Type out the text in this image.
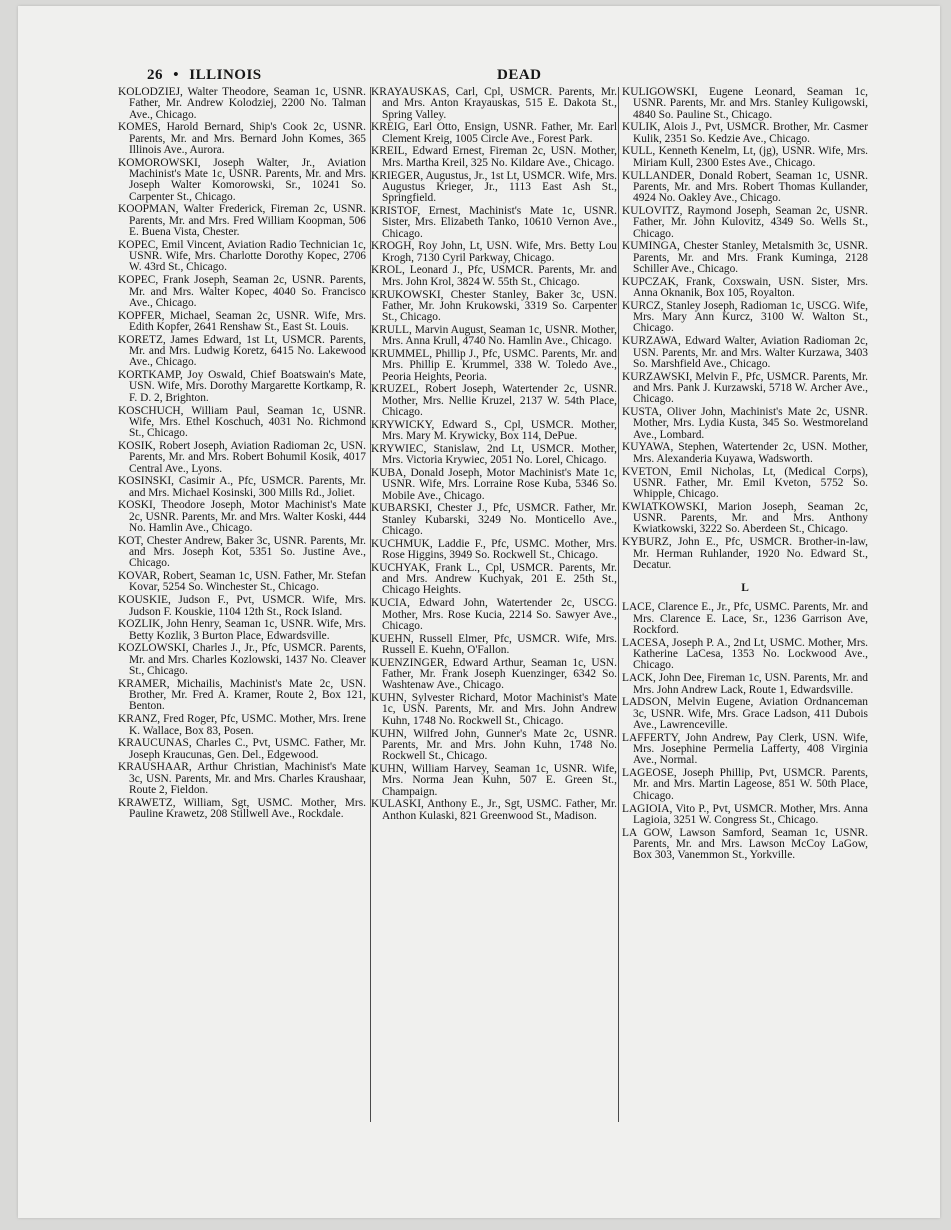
26 • ILLINOIS	DEAD
KOLODZIEJ, Walter Theodore, Seaman 1c, USNR. Father, Mr. Andrew Kolodziej, 2200 No. Talman Ave., Chicago.
KOMES, Harold Bernard, Ship's Cook 2c, USNR. Parents, Mr. and Mrs. Bernard John Komes, 365 Illinois Ave., Aurora.
KOMOROWSKI, Joseph Walter, Jr., Aviation Machinist's Mate 1c, USNR. Parents, Mr. and Mrs. Joseph Walter Komorowski, Sr., 10241 So. Carpenter St., Chicago.
KOOPMAN, Walter Frederick, Fireman 2c, USNR. Parents, Mr. and Mrs. Fred William Koopman, 506 E. Buena Vista, Chester.
KOPEC, Emil Vincent, Aviation Radio Technician 1c, USNR. Wife, Mrs. Charlotte Dorothy Kopec, 2706 W. 43rd St., Chicago.
KOPEC, Frank Joseph, Seaman 2c, USNR. Parents, Mr. and Mrs. Walter Kopec, 4040 So. Francisco Ave., Chicago.
KOPFER, Michael, Seaman 2c, USNR. Wife, Mrs. Edith Kopfer, 2641 Renshaw St., East St. Louis.
KORETZ, James Edward, 1st Lt, USMCR. Parents, Mr. and Mrs. Ludwig Koretz, 6415 No. Lakewood Ave., Chicago.
KORTKAMP, Joy Oswald, Chief Boatswain's Mate, USN. Wife, Mrs. Dorothy Margarette Kortkamp, R. F. D. 2, Brighton.
KOSCHUCH, William Paul, Seaman 1c, USNR. Wife, Mrs. Ethel Koschuch, 4031 No. Richmond St., Chicago.
KOSIK, Robert Joseph, Aviation Radioman 2c, USN. Parents, Mr. and Mrs. Robert Bohumil Kosik, 4017 Central Ave., Lyons.
KOSINSKI, Casimir A., Pfc, USMCR. Parents, Mr. and Mrs. Michael Kosinski, 300 Mills Rd., Joliet.
KOSKI, Theodore Joseph, Motor Machinist's Mate 2c, USNR. Parents, Mr. and Mrs. Walter Koski, 444 No. Hamlin Ave., Chicago.
KOT, Chester Andrew, Baker 3c, USNR. Parents, Mr. and Mrs. Joseph Kot, 5351 So. Justine Ave., Chicago.
KOVAR, Robert, Seaman 1c, USN. Father, Mr. Stefan Kovar, 5254 So. Winchester St., Chicago.
KOUSKIE, Judson F., Pvt, USMCR. Wife, Mrs. Judson F. Kouskie, 1104 12th St., Rock Island.
KOZLIK, John Henry, Seaman 1c, USNR. Wife, Mrs. Betty Kozlik, 3 Burton Place, Edwardsville.
KOZLOWSKI, Charles J., Jr., Pfc, USMCR. Parents, Mr. and Mrs. Charles Kozlowski, 1437 No. Cleaver St., Chicago.
KRAMER, Michailis, Machinist's Mate 2c, USN. Brother, Mr. Fred A. Kramer, Route 2, Box 121, Benton.
KRANZ, Fred Roger, Pfc, USMC. Mother, Mrs. Irene K. Wallace, Box 83, Posen.
KRAUCUNAS, Charles C., Pvt, USMC. Father, Mr. Joseph Kraucunas, Gen. Del., Edgewood.
KRAUSHAAR, Arthur Christian, Machinist's Mate 3c, USN. Parents, Mr. and Mrs. Charles Kraushaar, Route 2, Fieldon.
KRAWETZ, William, Sgt, USMC. Mother, Mrs. Pauline Krawetz, 208 Stillwell Ave., Rockdale.
KRAYAUSKAS, Carl, Cpl, USMCR. Parents, Mr. and Mrs. Anton Krayauskas, 515 E. Dakota St., Spring Valley.
KREIG, Earl Otto, Ensign, USNR. Father, Mr. Earl Clement Kreig, 1005 Circle Ave., Forest Park.
KREIL, Edward Ernest, Fireman 2c, USN. Mother, Mrs. Martha Kreil, 325 No. Kildare Ave., Chicago.
KRIEGER, Augustus, Jr., 1st Lt, USMCR. Wife, Mrs. Augustus Krieger, Jr., 1113 East Ash St., Springfield.
KRISTOF, Ernest, Machinist's Mate 1c, USNR. Sister, Mrs. Elizabeth Tanko, 10610 Vernon Ave., Chicago.
KROGH, Roy John, Lt, USN. Wife, Mrs. Betty Lou Krogh, 7130 Cyril Parkway, Chicago.
KROL, Leonard J., Pfc, USMCR. Parents, Mr. and Mrs. John Krol, 3824 W. 55th St., Chicago.
KRUKOWSKI, Chester Stanley, Baker 3c, USN. Father, Mr. John Krukowski, 3319 So. Carpenter St., Chicago.
KRULL, Marvin August, Seaman 1c, USNR. Mother, Mrs. Anna Krull, 4740 No. Hamlin Ave., Chicago.
KRUMMEL, Phillip J., Pfc, USMC. Parents, Mr. and Mrs. Phillip E. Krummel, 338 W. Toledo Ave., Peoria Heights, Peoria.
KRUZEL, Robert Joseph, Watertender 2c, USNR. Mother, Mrs. Nellie Kruzel, 2137 W. 54th Place, Chicago.
KRYWICKY, Edward S., Cpl, USMCR. Mother, Mrs. Mary M. Krywicky, Box 114, DePue.
KRYWIEC, Stanislaw, 2nd Lt, USMCR. Mother, Mrs. Victoria Krywiec, 2051 No. Lorel, Chicago.
KUBA, Donald Joseph, Motor Machinist's Mate 1c, USNR. Wife, Mrs. Lorraine Rose Kuba, 5346 So. Mobile Ave., Chicago.
KUBARSKI, Chester J., Pfc, USMCR. Father, Mr. Stanley Kubarski, 3249 No. Monticello Ave., Chicago.
KUCHMUK, Laddie F., Pfc, USMC. Mother, Mrs. Rose Higgins, 3949 So. Rockwell St., Chicago.
KUCHYAK, Frank L., Cpl, USMCR. Parents, Mr. and Mrs. Andrew Kuchyak, 201 E. 25th St., Chicago Heights.
KUCIA, Edward John, Watertender 2c, USCG. Mother, Mrs. Rose Kucia, 2214 So. Sawyer Ave., Chicago.
KUEHN, Russell Elmer, Pfc, USMCR. Wife, Mrs. Russell E. Kuehn, O'Fallon.
KUENZINGER, Edward Arthur, Seaman 1c, USN. Father, Mr. Frank Joseph Kuenzinger, 6342 So. Washtenaw Ave., Chicago.
KUHN, Sylvester Richard, Motor Machinist's Mate 1c, USN. Parents, Mr. and Mrs. John Andrew Kuhn, 1748 No. Rockwell St., Chicago.
KUHN, Wilfred John, Gunner's Mate 2c, USNR. Parents, Mr. and Mrs. John Kuhn, 1748 No. Rockwell St., Chicago.
KUHN, William Harvey, Seaman 1c, USNR. Wife, Mrs. Norma Jean Kuhn, 507 E. Green St., Champaign.
KULASKI, Anthony E., Jr., Sgt, USMC. Father, Mr. Anthon Kulaski, 821 Greenwood St., Madison.
KULIGOWSKI, Eugene Leonard, Seaman 1c, USNR. Parents, Mr. and Mrs. Stanley Kuligowski, 4840 So. Pauline St., Chicago.
KULIK, Alois J., Pvt, USMCR. Brother, Mr. Casmer Kulik, 2351 So. Kedzie Ave., Chicago.
KULL, Kenneth Kenelm, Lt, (jg), USNR. Wife, Mrs. Miriam Kull, 2300 Estes Ave., Chicago.
KULLANDER, Donald Robert, Seaman 1c, USNR. Parents, Mr. and Mrs. Robert Thomas Kullander, 4924 No. Oakley Ave., Chicago.
KULOVITZ, Raymond Joseph, Seaman 2c, USNR. Father, Mr. John Kulovitz, 4349 So. Wells St., Chicago.
KUMINGA, Chester Stanley, Metalsmith 3c, USNR. Parents, Mr. and Mrs. Frank Kuminga, 2128 Schiller Ave., Chicago.
KUPCZAK, Frank, Coxswain, USN. Sister, Mrs. Anna Oknanik, Box 105, Royalton.
KURCZ, Stanley Joseph, Radioman 1c, USCG. Wife, Mrs. Mary Ann Kurcz, 3100 W. Walton St., Chicago.
KURZAWA, Edward Walter, Aviation Radioman 2c, USN. Parents, Mr. and Mrs. Walter Kurzawa, 3403 So. Marshfield Ave., Chicago.
KURZAWSKI, Melvin F., Pfc, USMCR. Parents, Mr. and Mrs. Pank J. Kurzawski, 5718 W. Archer Ave., Chicago.
KUSTA, Oliver John, Machinist's Mate 2c, USNR. Mother, Mrs. Lydia Kusta, 345 So. Westmoreland Ave., Lombard.
KUYAWA, Stephen, Watertender 2c, USN. Mother, Mrs. Alexanderia Kuyawa, Wadsworth.
KVETON, Emil Nicholas, Lt, (Medical Corps), USNR. Father, Mr. Emil Kveton, 5752 So. Whipple, Chicago.
KWIATKOWSKI, Marion Joseph, Seaman 2c, USNR. Parents, Mr. and Mrs. Anthony Kwiatkowski, 3222 So. Aberdeen St., Chicago.
KYBURZ, John E., Pfc, USMCR. Brother-in-law, Mr. Herman Ruhlander, 1920 No. Edward St., Decatur.
L
LACE, Clarence E., Jr., Pfc, USMC. Parents, Mr. and Mrs. Clarence E. Lace, Sr., 1236 Garrison Ave, Rockford.
LACESA, Joseph P. A., 2nd Lt, USMC. Mother, Mrs. Katherine LaCesa, 1353 No. Lockwood Ave., Chicago.
LACK, John Dee, Fireman 1c, USN. Parents, Mr. and Mrs. John Andrew Lack, Route 1, Edwardsville.
LADSON, Melvin Eugene, Aviation Ordnanceman 3c, USNR. Wife, Mrs. Grace Ladson, 411 Dubois Ave., Lawrenceville.
LAFFERTY, John Andrew, Pay Clerk, USN. Wife, Mrs. Josephine Permelia Lafferty, 408 Virginia Ave., Normal.
LAGEOSE, Joseph Phillip, Pvt, USMCR. Parents, Mr. and Mrs. Martin Lageose, 851 W. 50th Place, Chicago.
LAGIOIA, Vito P., Pvt, USMCR. Mother, Mrs. Anna Lagioia, 3251 W. Congress St., Chicago.
LA GOW, Lawson Samford, Seaman 1c, USNR. Parents, Mr. and Mrs. Lawson McCoy LaGow, Box 303, Vanemmon St., Yorkville.
